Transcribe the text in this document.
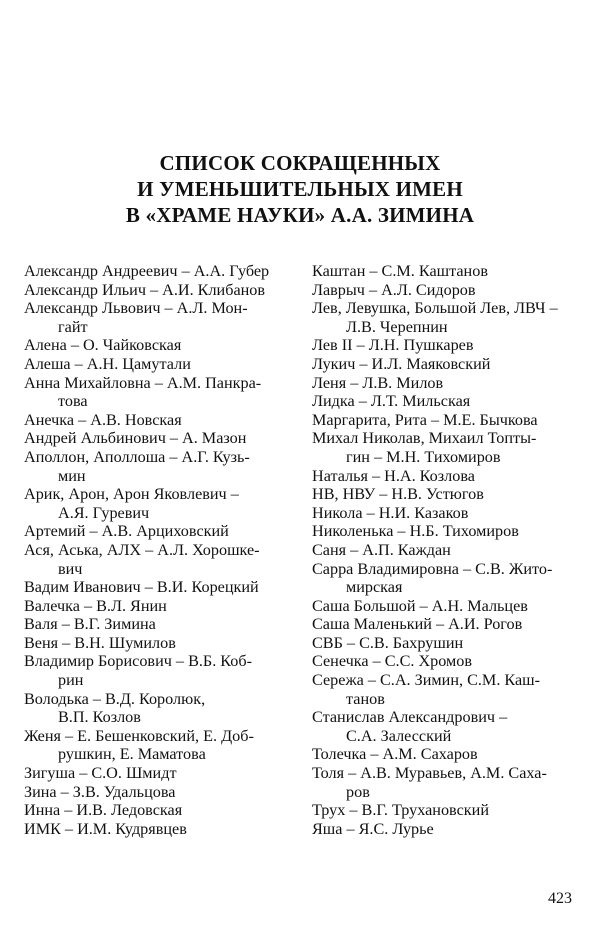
СПИСОК СОКРАЩЕННЫХ
И УМЕНЬШИТЕЛЬНЫХ ИМЕН
В «ХРАМЕ НАУКИ» А.А. ЗИМИНА
Александр Андреевич – А.А. Губер
Александр Ильич – А.И. Клибанов
Александр Львович – А.Л. Мон-
гайт
Алена – О. Чайковская
Алеша – А.Н. Цамутали
Анна Михайловна – А.М. Панкра-
това
Анечка – А.В. Новская
Андрей Альбинович – А. Мазон
Аполлон, Аполлоша – А.Г. Кузь-
мин
Арик, Арон, Арон Яковлевич –
А.Я. Гуревич
Артемий – А.В. Арциховский
Ася, Аська, АЛХ – А.Л. Хорошке-
вич
Вадим Иванович – В.И. Корецкий
Валечка – В.Л. Янин
Валя – В.Г. Зимина
Веня – В.Н. Шумилов
Владимир Борисович – В.Б. Коб-
рин
Володька – В.Д. Королюк,
В.П. Козлов
Женя – Е. Бешенковский, Е. Доб-
рушкин, Е. Маматова
Зигуша – С.О. Шмидт
Зина – З.В. Удальцова
Инна – И.В. Ледовская
ИМК – И.М. Кудрявцев
Каштан – С.М. Каштанов
Лаврыч – А.Л. Сидоров
Лев, Левушка, Большой Лев, ЛВЧ –
Л.В. Черепнин
Лев II – Л.Н. Пушкарев
Лукич – И.Л. Маяковский
Леня – Л.В. Милов
Лидка – Л.Т. Мильская
Маргарита, Рита – М.Е. Бычкова
Михал Николав, Михаил Топты-
гин – М.Н. Тихомиров
Наталья – Н.А. Козлова
НВ, НВУ – Н.В. Устюгов
Никола – Н.И. Казаков
Николенька – Н.Б. Тихомиров
Саня – А.П. Каждан
Сарра Владимировна – С.В. Жито-
мирская
Саша Большой – А.Н. Мальцев
Саша Маленький – А.И. Рогов
СВБ – С.В. Бахрушин
Сенечка – С.С. Хромов
Сережа – С.А. Зимин, С.М. Каш-
танов
Станислав Александрович –
С.А. Залесский
Толечка – А.М. Сахаров
Толя – А.В. Муравьев, А.М. Саха-
ров
Трух – В.Г. Трухановский
Яша – Я.С. Лурье
423
